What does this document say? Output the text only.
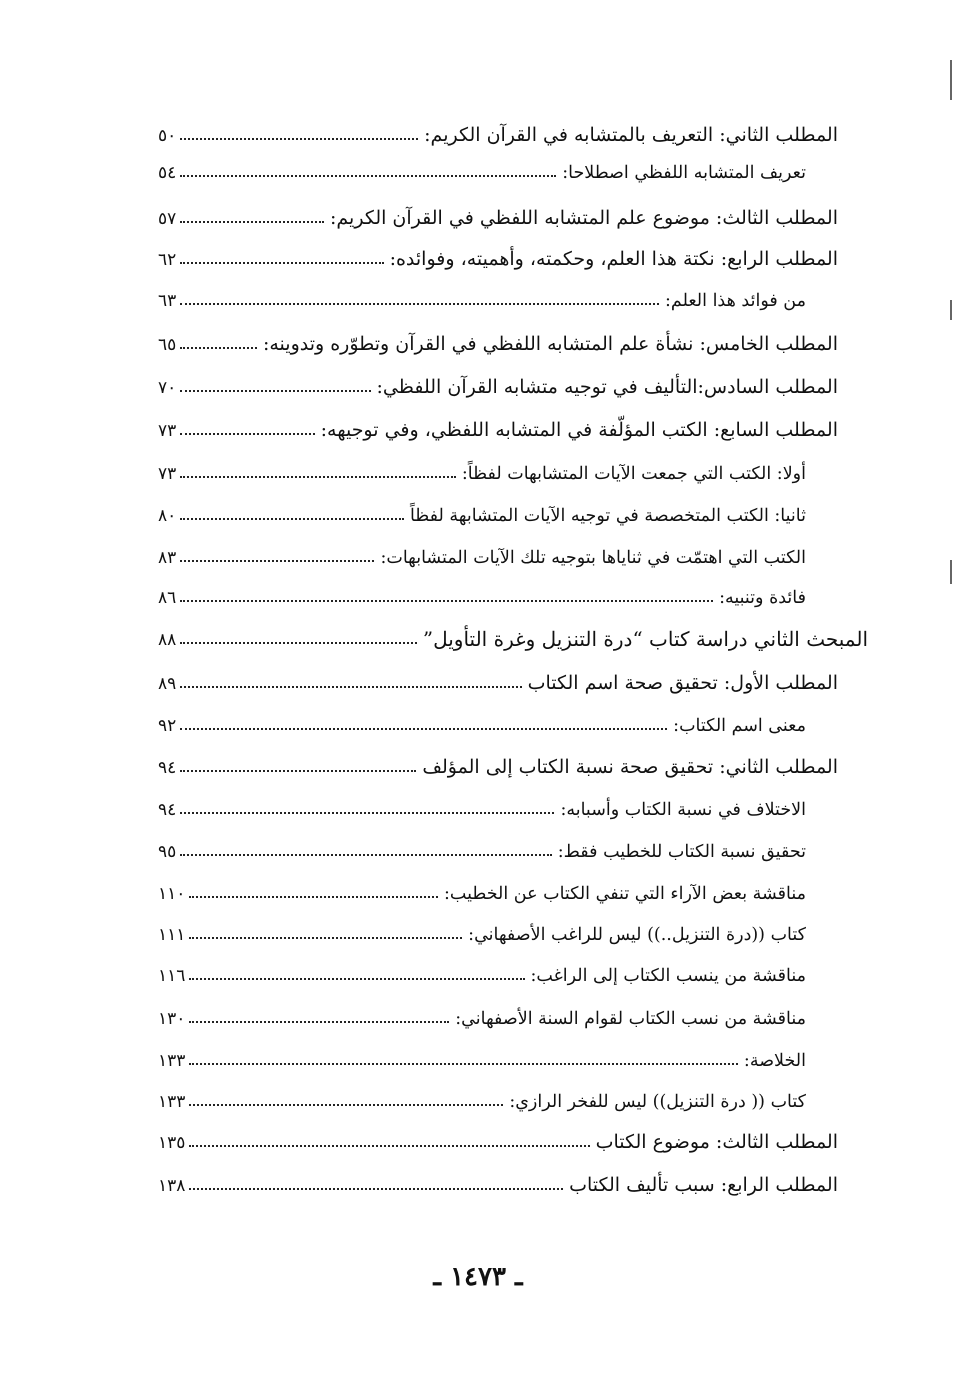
المطلب الثاني: التعريف بالمتشابه في القرآن الكريم:
٥٠
تعريف المتشابه اللفظي اصطلاحا:
٥٤
المطلب الثالث: موضوع علم المتشابه اللفظي في القرآن الكريم:
٥٧
المطلب الرابع: نكتة هذا العلم، وحكمته، وأهميته، وفوائده:
٦٢
من فوائد هذا العلم:
٦٣
المطلب الخامس: نشأة علم المتشابه اللفظي في القرآن وتطوّره وتدوينه:
٦٥
المطلب السادس:التأليف في توجيه متشابه القرآن اللفظي:
٧٠
المطلب السابع: الكتب المؤلّفة في المتشابه اللفظي، وفي توجيهه:
٧٣
أولا: الكتب التي جمعت الآيات المتشابهات لفظاً:
٧٣
ثانيا: الكتب المتخصصة في توجيه الآيات المتشابهة لفظاً
٨٠
الكتب التي اهتمّت في ثناياها بتوجيه تلك الآيات المتشابهات:
٨٣
فائدة وتنبيه:
٨٦
المبحث الثاني دراسة كتاب “درة التنزيل وغرة التأويل”
٨٨
المطلب الأول: تحقيق صحة اسم الكتاب
٨٩
معنى اسم الكتاب:
٩٢
المطلب الثاني: تحقيق صحة نسبة الكتاب إلى المؤلف
٩٤
الاختلاف في نسبة الكتاب وأسبابه:
٩٤
تحقيق نسبة الكتاب للخطيب فقط:
٩٥
مناقشة بعض الآراء التي تنفي الكتاب عن الخطيب:
١١٠
كتاب ((درة التنزيل..)) ليس للراغب الأصفهاني:
١١١
مناقشة من ينسب الكتاب إلى الراغب:
١١٦
مناقشة من نسب الكتاب لقوام السنة الأصفهاني:
١٣٠
الخلاصة:
١٣٣
كتاب (( درة التنزيل)) ليس للفخر الرازي:
١٣٣
المطلب الثالث: موضوع الكتاب
١٣٥
المطلب الرابع: سبب تأليف الكتاب
١٣٨
ـ ١٤٧٣ ـ
